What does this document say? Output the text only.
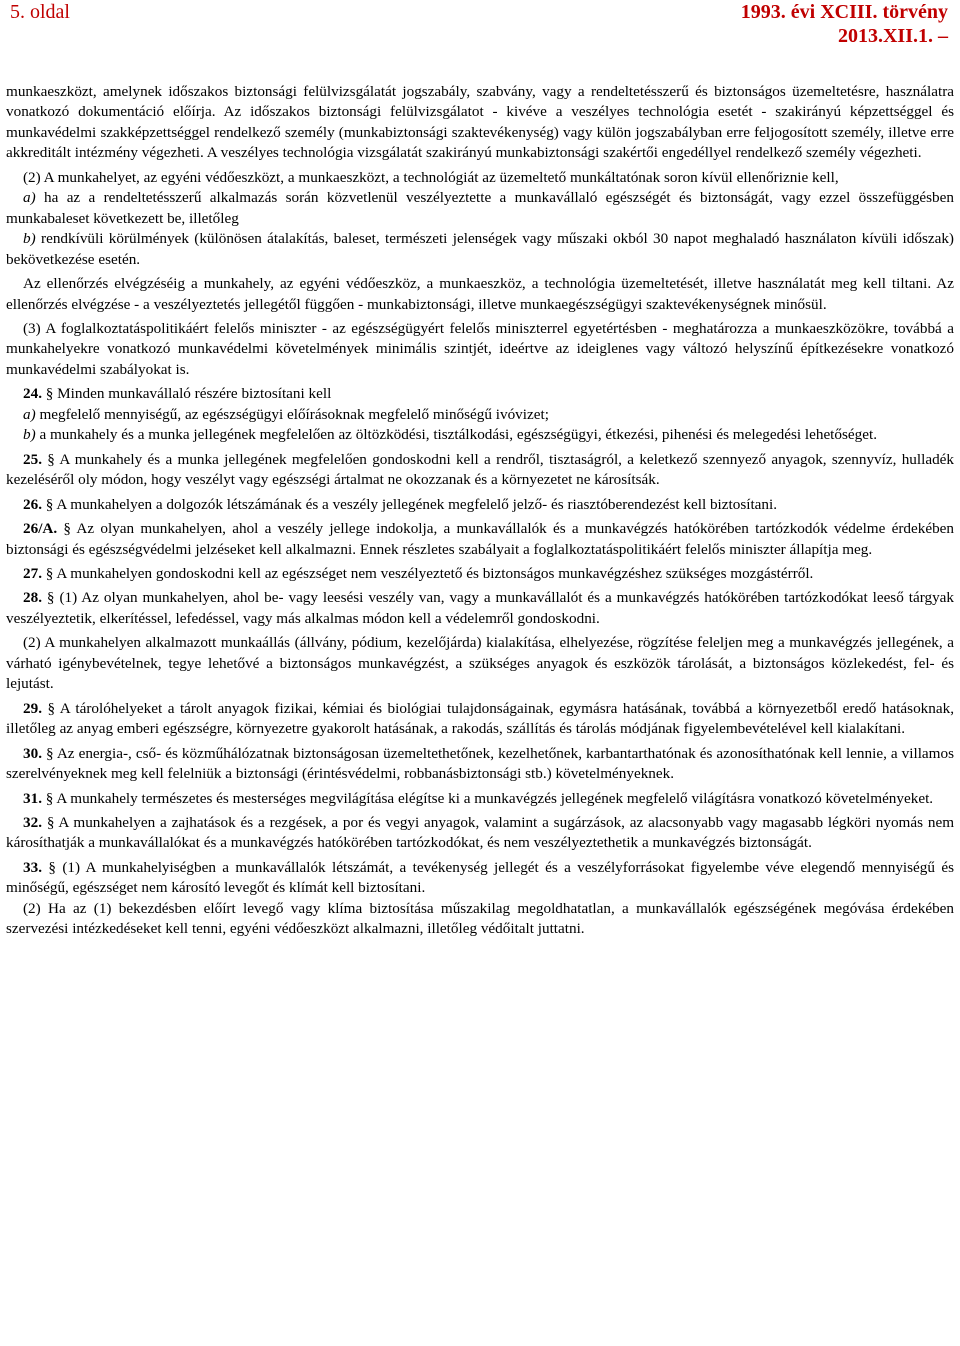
5. oldal	1993. évi XCIII. törvény
2013.XII.1. –

munkaeszközt, amelynek időszakos biztonsági felülvizsgálatát jogszabály, szabvány, vagy a rendeltetésszerű és biztonságos üzemeltetésre, használatra vonatkozó dokumentáció előírja. Az időszakos biztonsági felülvizsgálatot - kivéve a veszélyes technológia esetét - szakirányú képzettséggel és munkavédelmi szakképzettséggel rendelkező személy (munkabiztonsági szaktevékenység) vagy külön jogszabályban erre feljogosított személy, illetve erre akkreditált intézmény végezheti. A veszélyes technológia vizsgálatát szakirányú munkabiztonsági szakértői engedéllyel rendelkező személy végezheti.

(2) A munkahelyet, az egyéni védőeszközt, a munkaeszközt, a technológiát az üzemeltető munkáltatónak soron kívül ellenőriznie kell,

a) ha az a rendeltetésszerű alkalmazás során közvetlenül veszélyeztette a munkavállaló egészségét és biztonságát, vagy ezzel összefüggésben munkabaleset következett be, illetőleg

b) rendkívüli körülmények (különösen átalakítás, baleset, természeti jelenségek vagy műszaki okból 30 napot meghaladó használaton kívüli időszak) bekövetkezése esetén.

Az ellenőrzés elvégzéséig a munkahely, az egyéni védőeszköz, a munkaeszköz, a technológia üzemeltetését, illetve használatát meg kell tiltani. Az ellenőrzés elvégzése - a veszélyeztetés jellegétől függően - munkabiztonsági, illetve munkaegészségügyi szaktevékenységnek minősül.

(3) A foglalkoztatáspolitikáért felelős miniszter - az egészségügyért felelős miniszterrel egyetértésben - meghatározza a munkaeszközökre, továbbá a munkahelyekre vonatkozó munkavédelmi követelmények minimális szintjét, ideértve az ideiglenes vagy változó helyszínű építkezésekre vonatkozó munkavédelmi szabályokat is.

24. § Minden munkavállaló részére biztosítani kell

a) megfelelő mennyiségű, az egészségügyi előírásoknak megfelelő minőségű ivóvizet;

b) a munkahely és a munka jellegének megfelelően az öltözködési, tisztálkodási, egészségügyi, étkezési, pihenési és melegedési lehetőséget.

25. § A munkahely és a munka jellegének megfelelően gondoskodni kell a rendről, tisztaságról, a keletkező szennyező anyagok, szennyvíz, hulladék kezeléséről oly módon, hogy veszélyt vagy egészségi ártalmat ne okozzanak és a környezetet ne károsítsák.

26. § A munkahelyen a dolgozók létszámának és a veszély jellegének megfelelő jelző- és riasztóberendezést kell biztosítani.

26/A. § Az olyan munkahelyen, ahol a veszély jellege indokolja, a munkavállalók és a munkavégzés hatókörében tartózkodók védelme érdekében biztonsági és egészségvédelmi jelzéseket kell alkalmazni. Ennek részletes szabályait a foglalkoztatáspolitikáért felelős miniszter állapítja meg.

27. § A munkahelyen gondoskodni kell az egészséget nem veszélyeztető és biztonságos munkavégzéshez szükséges mozgástérről.

28. § (1) Az olyan munkahelyen, ahol be- vagy leesési veszély van, vagy a munkavállalót és a munkavégzés hatókörében tartózkodókat leeső tárgyak veszélyeztetik, elkerítéssel, lefedéssel, vagy más alkalmas módon kell a védelemről gondoskodni.

(2) A munkahelyen alkalmazott munkaállás (állvány, pódium, kezelőjárda) kialakítása, elhelyezése, rögzítése feleljen meg a munkavégzés jellegének, a várható igénybevételnek, tegye lehetővé a biztonságos munkavégzést, a szükséges anyagok és eszközök tárolását, a biztonságos közlekedést, fel- és lejutást.

29. § A tárolóhelyeket a tárolt anyagok fizikai, kémiai és biológiai tulajdonságainak, egymásra hatásának, továbbá a környezetből eredő hatásoknak, illetőleg az anyag emberi egészségre, környezetre gyakorolt hatásának, a rakodás, szállítás és tárolás módjának figyelembevételével kell kialakítani.

30. § Az energia-, cső- és közműhálózatnak biztonságosan üzemeltethetőnek, kezelhetőnek, karbantarthatónak és azonosíthatónak kell lennie, a villamos szerelvényeknek meg kell felelniük a biztonsági (érintésvédelmi, robbanásbiztonsági stb.) követelményeknek.

31. § A munkahely természetes és mesterséges megvilágítása elégítse ki a munkavégzés jellegének megfelelő világításra vonatkozó követelményeket.

32. § A munkahelyen a zajhatások és a rezgések, a por és vegyi anyagok, valamint a sugárzások, az alacsonyabb vagy magasabb légköri nyomás nem károsíthatják a munkavállalókat és a munkavégzés hatókörében tartózkodókat, és nem veszélyeztethetik a munkavégzés biztonságát.

33. § (1) A munkahelyiségben a munkavállalók létszámát, a tevékenység jellegét és a veszélyforrásokat figyelembe véve elegendő mennyiségű és minőségű, egészséget nem károsító levegőt és klímát kell biztosítani.

(2) Ha az (1) bekezdésben előírt levegő vagy klíma biztosítása műszakilag megoldhatatlan, a munkavállalók egészségének megóvása érdekében szervezési intézkedéseket kell tenni, egyéni védőeszközt alkalmazni, illetőleg védőitalt juttatni.
